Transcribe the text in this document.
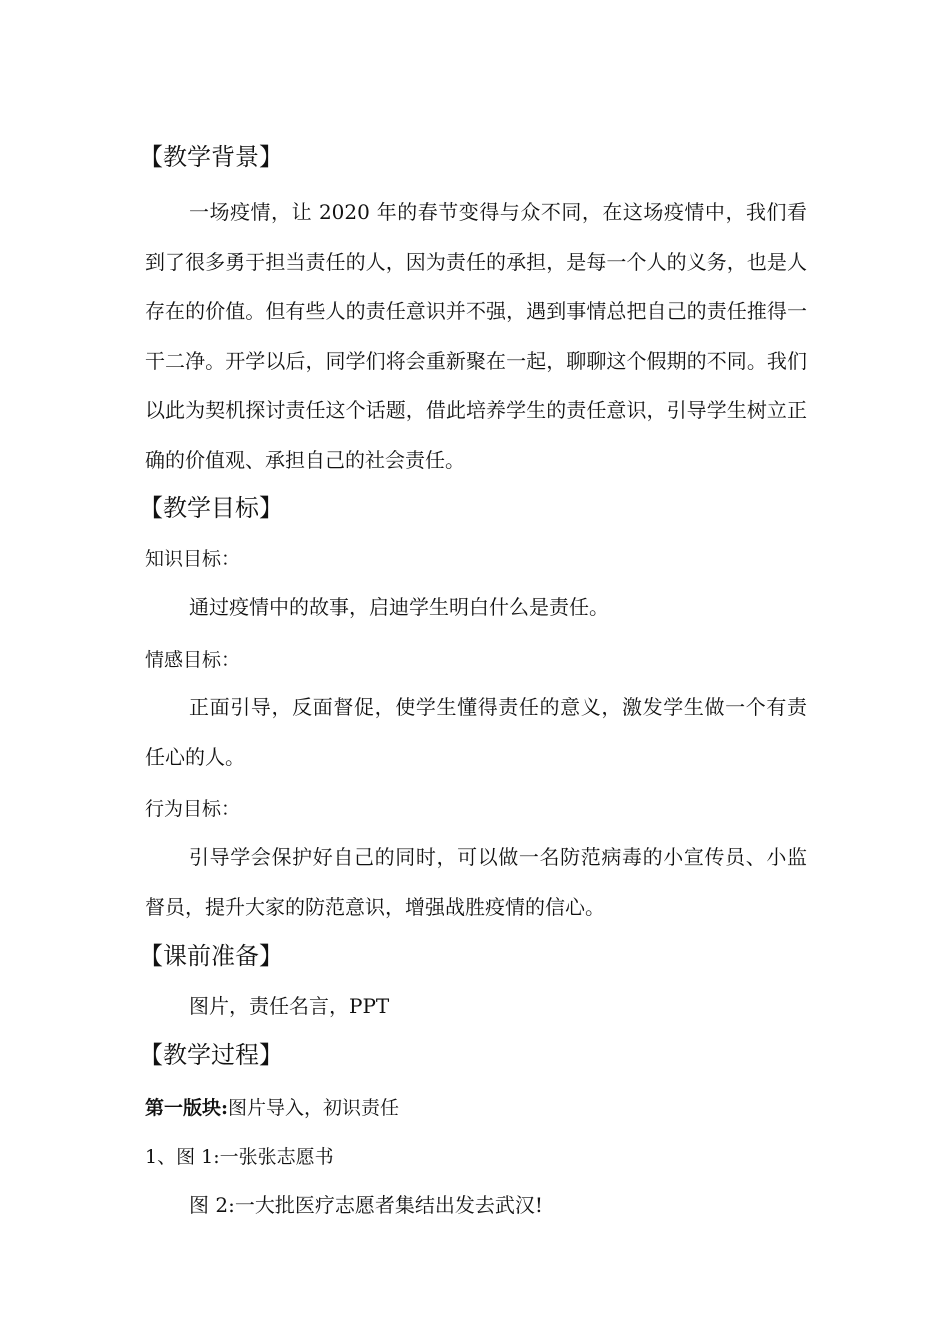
【教学背景】

一场疫情，让 2020 年的春节变得与众不同，在这场疫情中，我们看到了很多勇于担当责任的人，因为责任的承担，是每一个人的义务，也是人存在的价值。但有些人的责任意识并不强，遇到事情总把自己的责任推得一干二净。开学以后，同学们将会重新聚在一起，聊聊这个假期的不同。我们以此为契机探讨责任这个话题，借此培养学生的责任意识，引导学生树立正确的价值观、承担自己的社会责任。

【教学目标】
知识目标：

通过疫情中的故事，启迪学生明白什么是责任。

情感目标：

正面引导，反面督促，使学生懂得责任的意义，激发学生做一个有责任心的人。

行为目标：

引导学会保护好自己的同时，可以做一名防范病毒的小宣传员、小监督员，提升大家的防范意识，增强战胜疫情的信心。

【课前准备】

图片，责任名言，PPT

【教学过程】
第一版块:图片导入，初识责任
1、图 1:一张张志愿书

图 2:一大批医疗志愿者集结出发去武汉!
